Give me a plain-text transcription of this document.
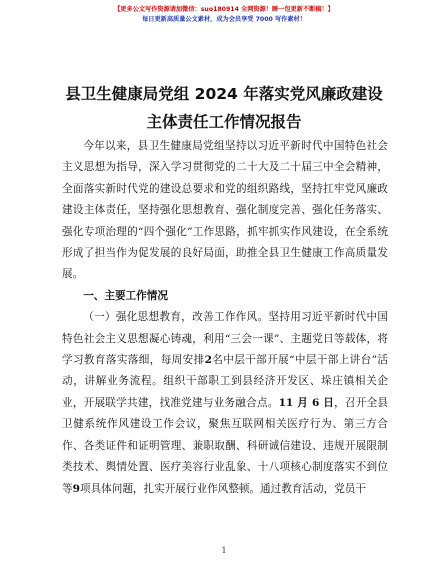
【更多公文写作资源请加微信：suo180914 全网资源！睡一包更新不断稿！】
每日更新高质量公文素材，成为会员享受 7000 写作素材！
县卫生健康局党组 2024 年落实党风廉政建设主体责任工作情况报告

今年以来，县卫生健康局党组坚持以习近平新时代中国特色社会主义思想为指导，深入学习贯彻党的二十大及二十届三中全会精神，全面落实新时代党的建设总要求和党的组织路线，坚持扛牢党风廉政建设主体责任，坚持强化思想教育、强化制度完善、强化任务落实、强化专项治理的“四个强化”工作思路，抓牢抓实作风建设，在全系统形成了担当作为促发展的良好局面，助推全县卫生健康工作高质量发展。

一、主要工作情况

（一）强化思想教育，改善工作作风。坚持用习近平新时代中国特色社会主义思想凝心铸魂，利用“三会一课”、主题党日等载体，将学习教育落实落细，每周安排2名中层干部开展“中层干部上讲台”活动，讲解业务流程。组织干部职工到县经济开发区、垛庄镇相关企业，开展联学共建，找准党建与业务融合点。11 月 6 日，召开全县卫健系统作风建设工作会议，聚焦互联网相关医疗行为、第三方合作、各类证件和证明管理、兼职取酬、科研诚信建设、违规开展限制类技术、舆情处置、医疗美容行业乱象、十八项核心制度落实不到位等9项具体问题，扎实开展行业作风整顿。通过教育活动，党员干

1
